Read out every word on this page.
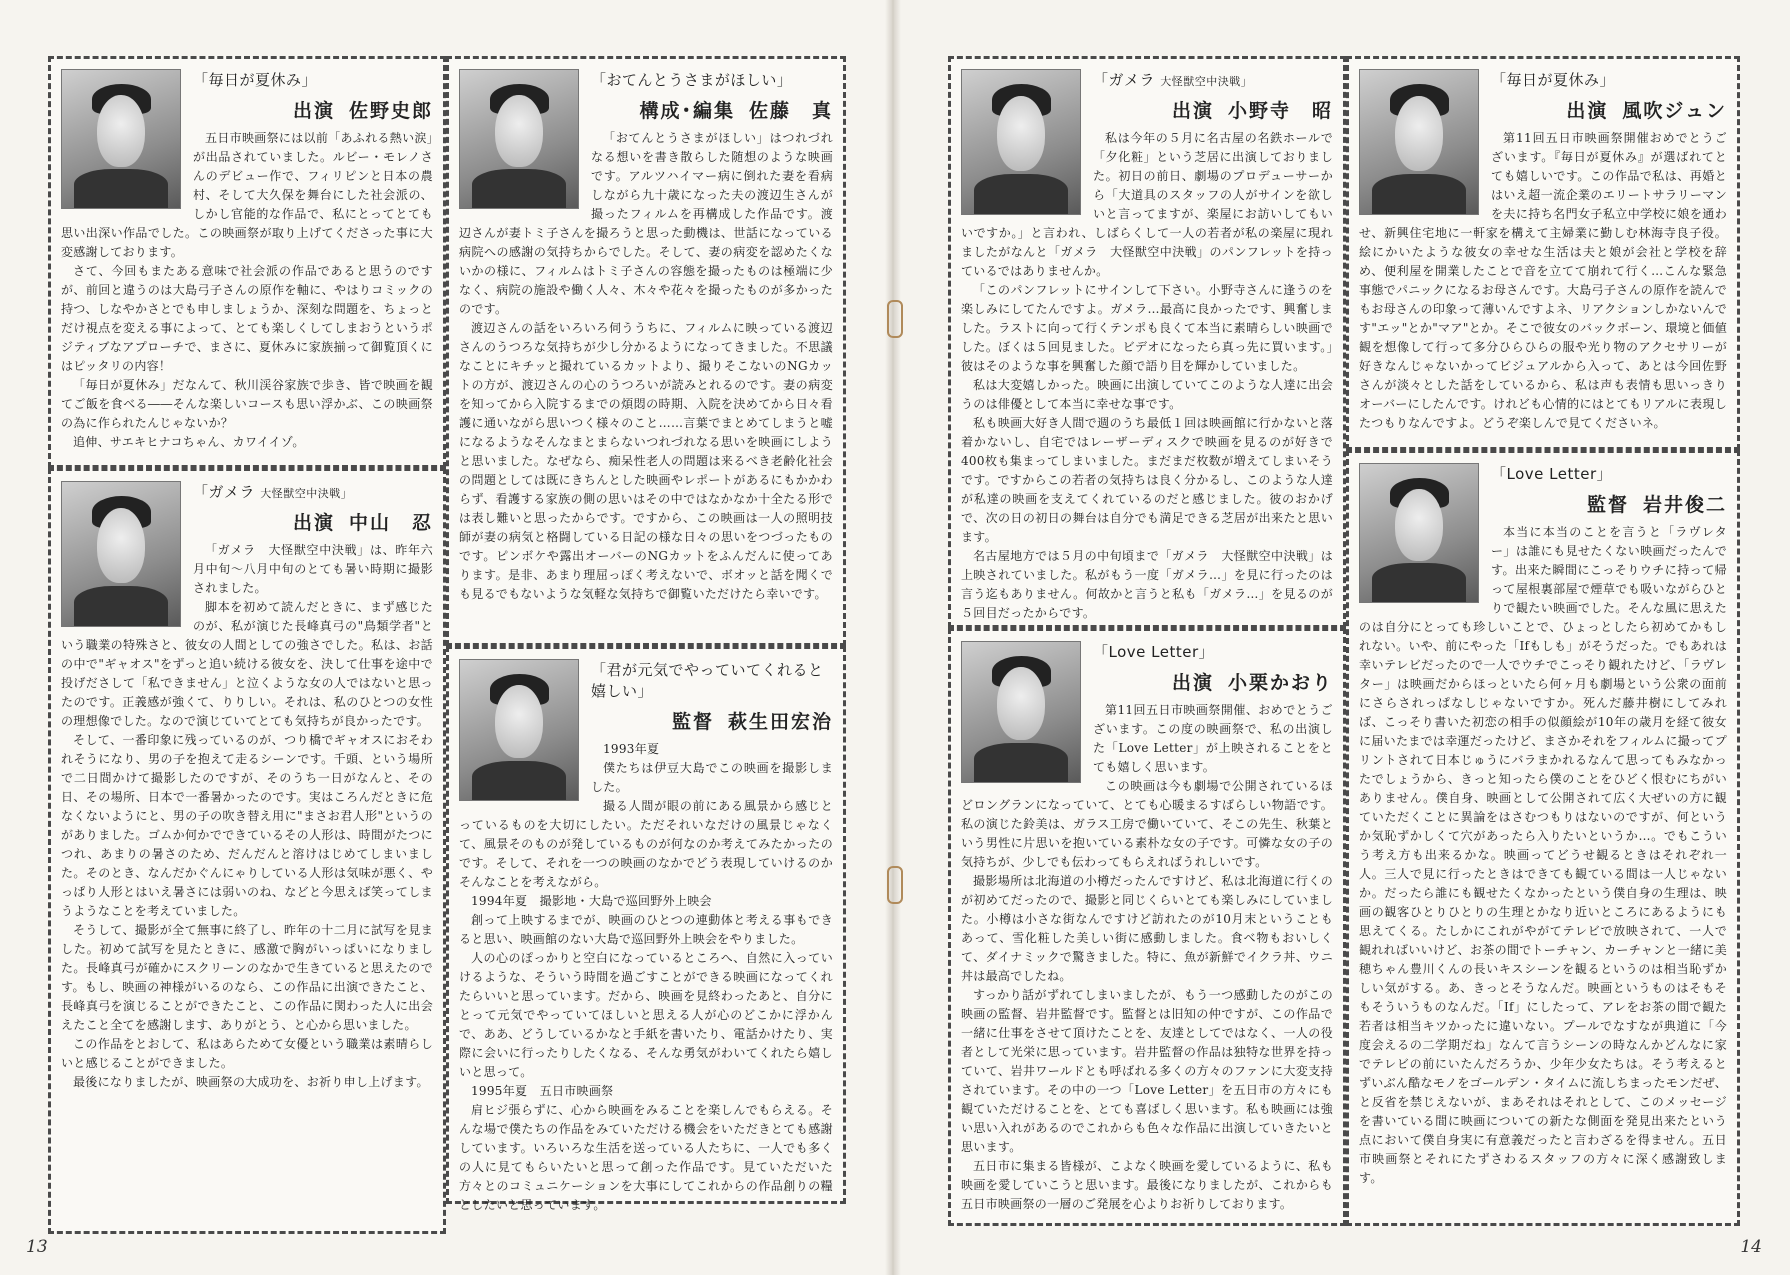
13	14
「毎日が夏休み」
出演 佐野史郎

五日市映画祭には以前「あふれる熱い涙」が出品されていました。ルビー・モレノさんのデビュー作で、フィリピンと日本の農村、そして大久保を舞台にした社会派の、しかし官能的な作品で、私にとってとても思い出深い作品でした。この映画祭が取り上げてくださった事に大変感謝しております。

さて、今回もまたある意味で社会派の作品であると思うのですが、前回と違うのは大島弓子さんの原作を軸に、やはりコミックの持つ、しなやかさとでも申しましょうか、深刻な問題を、ちょっとだけ視点を変える事によって、とても楽しくしてしまおうというポジティブなアプローチで、まさに、夏休みに家族揃って御覧頂くにはピッタリの内容！

「毎日が夏休み」だなんて、秋川渓谷家族で歩き、皆で映画を観てご飯を食べる――そんな楽しいコースも思い浮かぶ、この映画祭の為に作られたんじゃないか？

追伸、サエキヒナコちゃん、カワイイゾ。

「おてんとうさまがほしい」
構成･編集 佐藤　真

「おてんとうさまがほしい」はつれづれなる想いを書き散らした随想のような映画です。アルツハイマー病に倒れた妻を看病しながら九十歳になった夫の渡辺生さんが撮ったフィルムを再構成した作品です。渡辺さんが妻トミ子さんを撮ろうと思った動機は、世話になっている病院への感謝の気持ちからでした。そして、妻の病変を認めたくないかの様に、フィルムはトミ子さんの容態を撮ったものは極端に少なく、病院の施設や働く人々、木々や花々を撮ったものが多かったのです。

渡辺さんの話をいろいろ伺ううちに、フィルムに映っている渡辺さんのうつろな気持ちが少し分かるようになってきました。不思議なことにキチッと撮れているカットより、撮りそこないのNGカットの方が、渡辺さんの心のうつろいが読みとれるのです。妻の病変を知ってから入院するまでの煩悶の時期、入院を決めてから日々看護に通いながら思いつく様々のこと……言葉でまとめてしまうと嘘になるようなそんなまとまらないつれづれなる思いを映画にしようと思いました。なぜなら、痴呆性老人の問題は来るべき老齢化社会の問題としては既にきちんとした映画やレポートがあるにもかかわらず、看護する家族の側の思いはその中ではなかなか十全たる形では表し難いと思ったからです。ですから、この映画は一人の照明技師が妻の病気と格闘している日記の様な日々の思いをつづったものです。ピンボケや露出オーバーのNGカットをふんだんに使ってあります。是非、あまり理屈っぽく考えないで、ボオッと話を聞くでも見るでもないような気軽な気持ちで御覧いただけたら幸いです。

「ガメラ 大怪獣空中決戦」
出演 中山　忍

「ガメラ　大怪獣空中決戦」は、昨年六月中旬～八月中旬のとても暑い時期に撮影されました。

脚本を初めて読んだときに、まず感じたのが、私が演じた長峰真弓の"鳥類学者"という職業の特殊さと、彼女の人間としての強さでした。私は、お話の中で"ギャオス"をずっと追い続ける彼女を、決して仕事を途中で投げださして「私できません」と泣くような女の人ではないと思ったのです。正義感が強くて、りりしい。それは、私のひとつの女性の理想像でした。なので演じていてとても気持ちが良かったです。

そして、一番印象に残っているのが、つり橋でギャオスにおそわれそうになり、男の子を抱えて走るシーンです。千頭、という場所で二日間かけて撮影したのですが、そのうち一日がなんと、その日、その場所、日本で一番暑かったのです。実はころんだときに危なくないようにと、男の子の吹き替え用に"まさお君人形"というのがありました。ゴムか何かでできているその人形は、時間がたつにつれ、あまりの暑さのため、だんだんと溶けはじめてしまいました。そのとき、なんだかぐんにゃりしている人形は気味が悪く、やっぱり人形とはいえ暑さには弱いのね、などと今思えば笑ってしまうようなことを考えていました。

そうして、撮影が全て無事に終了し、昨年の十二月に試写を見ました。初めて試写を見たときに、感激で胸がいっぱいになりました。長峰真弓が確かにスクリーンのなかで生きていると思えたのです。もし、映画の神様がいるのなら、この作品に出演できたこと、長峰真弓を演じることができたこと、この作品に関わった人に出会えたこと全てを感謝します、ありがとう、と心から思いました。

この作品をとおして、私はあらためて女優という職業は素晴らしいと感じることができました。

最後になりましたが、映画祭の大成功を、お祈り申し上げます。

「君が元気でやっていてくれると嬉しい」
監督 萩生田宏治

1993年夏

僕たちは伊豆大島でこの映画を撮影しました。

撮る人間が眼の前にある風景から感じとっているものを大切にしたい。ただそれいなだけの風景じゃなくて、風景そのものが発しているものが何なのか考えてみたかったのです。そして、それを一つの映画のなかでどう表現していけるのかそんなことを考えながら。

1994年夏　撮影地・大島で巡回野外上映会

創って上映するまでが、映画のひとつの連動体と考える事もできると思い、映画館のない大島で巡回野外上映会をやりました。

人の心のぽっかりと空白になっているところへ、自然に入っていけるような、そういう時間を過ごすことができる映画になってくれたらいいと思っています。だから、映画を見終わったあと、自分にとって元気でやっていてほしいと思える人が心のどこかに浮かんで、ああ、どうしているかなと手紙を書いたり、電話かけたり、実際に会いに行ったりしたくなる、そんな勇気がわいてくれたら嬉しいと思って。

1995年夏　五日市映画祭

肩ヒジ張らずに、心から映画をみることを楽しんでもらえる。そんな場で僕たちの作品をみていただける機会をいただきとても感謝しています。いろいろな生活を送っている人たちに、一人でも多くの人に見てもらいたいと思って創った作品です。見ていただいた方々とのコミュニケーションを大事にしてこれからの作品創りの糧としたいと思っています。

「ガメラ 大怪獣空中決戦」
出演 小野寺　昭

私は今年の５月に名古屋の名鉄ホールで「夕化粧」という芝居に出演しておりました。初日の前日、劇場のプロデューサーから「大道具のスタッフの人がサインを欲しいと言ってますが、楽屋にお訪いしてもいいですか。」と言われ、しばらくして一人の若者が私の楽屋に現れましたがなんと「ガメラ　大怪獣空中決戦」のパンフレットを持っているではありませんか。

「このパンフレットにサインして下さい。小野寺さんに逢うのを楽しみにしてたんですよ。ガメラ…最高に良かったです、興奮しました。ラストに向って行くテンポも良くて本当に素晴らしい映画でした。ぼくは５回見ました。ビデオになったら真っ先に買います。」彼はそのような事を興奮した顔で語り目を輝かしていました。

私は大変嬉しかった。映画に出演していてこのような人達に出会うのは俳優として本当に幸せな事です。

私も映画大好き人間で週のうち最低１回は映画館に行かないと落着かないし、自宅ではレーザーディスクで映画を見るのが好きで400枚も集まってしまいました。まだまだ枚数が増えてしまいそうです。ですからこの若者の気持ちは良く分かるし、このような人達が私達の映画を支えてくれているのだと感じました。彼のおかげで、次の日の初日の舞台は自分でも満足できる芝居が出来たと思います。

名古屋地方では５月の中旬頃まで「ガメラ　大怪獣空中決戦」は上映されていました。私がもう一度「ガメラ…」を見に行ったのは言う迄もありません。何故かと言うと私も「ガメラ…」を見るのが５回目だったからです。

「毎日が夏休み」
出演 風吹ジュン

第11回五日市映画祭開催おめでとうございます。『毎日が夏休み』が選ばれてとても嬉しいです。この作品で私は、再婚とはいえ超一流企業のエリートサラリーマンを夫に持ち名門女子私立中学校に娘を通わせ、新興住宅地に一軒家を構えて主婦業に勤しむ林海寺良子役。絵にかいたような彼女の幸せな生活は夫と娘が会社と学校を辞め、便利屋を開業したことで音を立てて崩れて行く…こんな緊急事態でパニックになるお母さんです。大島弓子さんの原作を読んでもお母さんの印象って薄いんですよネ、リアクションしかないんです"エッ"とか"マア"とか。そこで彼女のバックボーン、環境と価値観を想像して行って多分ひらひらの服や光り物のアクセサリーが好きなんじゃないかってビジュアルから入って、あとは今回佐野さんが淡々とした話をしているから、私は声も表情も思いっきりオーバーにしたんです。けれども心情的にはとてもリアルに表現したつもりなんですよ。どうぞ楽しんで見てくださいネ。

「Love Letter」
出演 小栗かおり

第11回五日市映画祭開催、おめでとうございます。この度の映画祭で、私の出演した「Love Letter」が上映されることをとても嬉しく思います。

この映画は今も劇場で公開されているほどロングランになっていて、とても心暖まるすばらしい物語です。私の演じた鈴美は、ガラス工房で働いていて、そこの先生、秋葉という男性に片思いを抱いている素朴な女の子です。可憐な女の子の気持ちが、少しでも伝わってもらえればうれしいです。

撮影場所は北海道の小樽だったんですけど、私は北海道に行くのが初めてだったので、撮影と同じくらいとても楽しみにしていました。小樽は小さな街なんですけど訪れたのが10月末ということもあって、雪化粧した美しい街に感動しました。食べ物もおいしくて、ダイナミックで驚きました。特に、魚が新鮮でイクラ丼、ウニ丼は最高でしたね。

すっかり話がずれてしまいましたが、もう一つ感動したのがこの映画の監督、岩井監督です。監督とは旧知の仲ですが、この作品で一緒に仕事をさせて頂けたことを、友達としてではなく、一人の役者として光栄に思っています。岩井監督の作品は独特な世界を持っていて、岩井ワールドとも呼ばれる多くの方々のファンに大変支持されています。その中の一つ「Love Letter」を五日市の方々にも観ていただけることを、とても喜ばしく思います。私も映画には強い思い入れがあるのでこれからも色々な作品に出演していきたいと思います。

五日市に集まる皆様が、こよなく映画を愛しているように、私も映画を愛していこうと思います。最後になりましたが、これからも五日市映画祭の一層のご発展を心よりお祈りしております。

「Love Letter」
監督 岩井俊二

本当に本当のことを言うと「ラヴレター」は誰にも見せたくない映画だったんです。出来た瞬間にこっそりウチに持って帰って屋根裏部屋で煙草でも吸いながらひとりで観たい映画でした。そんな風に思えたのは自分にとっても珍しいことで、ひょっとしたら初めてかもしれない。いや、前にやった「Ifもしも」がそうだった。でもあれは幸いテレビだったので一人でウチでこっそり観れたけど、「ラヴレター」は映画だからほっといたら何ヶ月も劇場という公衆の面前にさらされっぱなしじゃないですか。死んだ藤井樹にしてみれば、こっそり書いた初恋の相手の似顔絵が10年の歳月を経て彼女に届いたまでは幸運だったけど、まさかそれをフィルムに撮ってプリントされて日本じゅうにバラまかれるなんて思ってもみなかったでしょうから、きっと知ったら僕のことをひどく恨むにちがいありません。僕自身、映画として公開されて広く大ぜいの方に観ていただくことに異論をはさむつもりはないのですが、何というか気恥ずかしくて穴があったら入りたいというか…。でもこういう考え方も出来るかな。映画ってどうせ観るときはそれぞれ一人。三人で見に行ったときはできても観ている間は一人じゃないか。だったら誰にも観せたくなかったという僕自身の生理は、映画の観客ひとりひとりの生理とかなり近いところにあるようにも思えてくる。たしかにこれがやがてテレビで放映されて、一人で観れればいいけど、お茶の間でトーチャン、カーチャンと一緒に美穂ちゃん豊川くんの長いキスシーンを観るというのは相当恥ずかしい気がする。あ、きっとそうなんだ。映画というものはそもそもそういうものなんだ。「If」にしたって、アレをお茶の間で観た若者は相当キツかったに違いない。プールでなすなが典道に「今度会えるの二学期だね」なんて言うシーンの時なんかどんなに家でテレビの前にいたんだろうか、少年少女たちは。そう考えるとずいぶん酷なモノをゴールデン・タイムに流しちまったモンだぜ、と反省を禁じえないが、まあそれはそれとして、このメッセージを書いている間に映画についての新たな側面を発見出来たという点において僕自身実に有意義だったと言わざるを得ません。五日市映画祭とそれにたずさわるスタッフの方々に深く感謝致します。
